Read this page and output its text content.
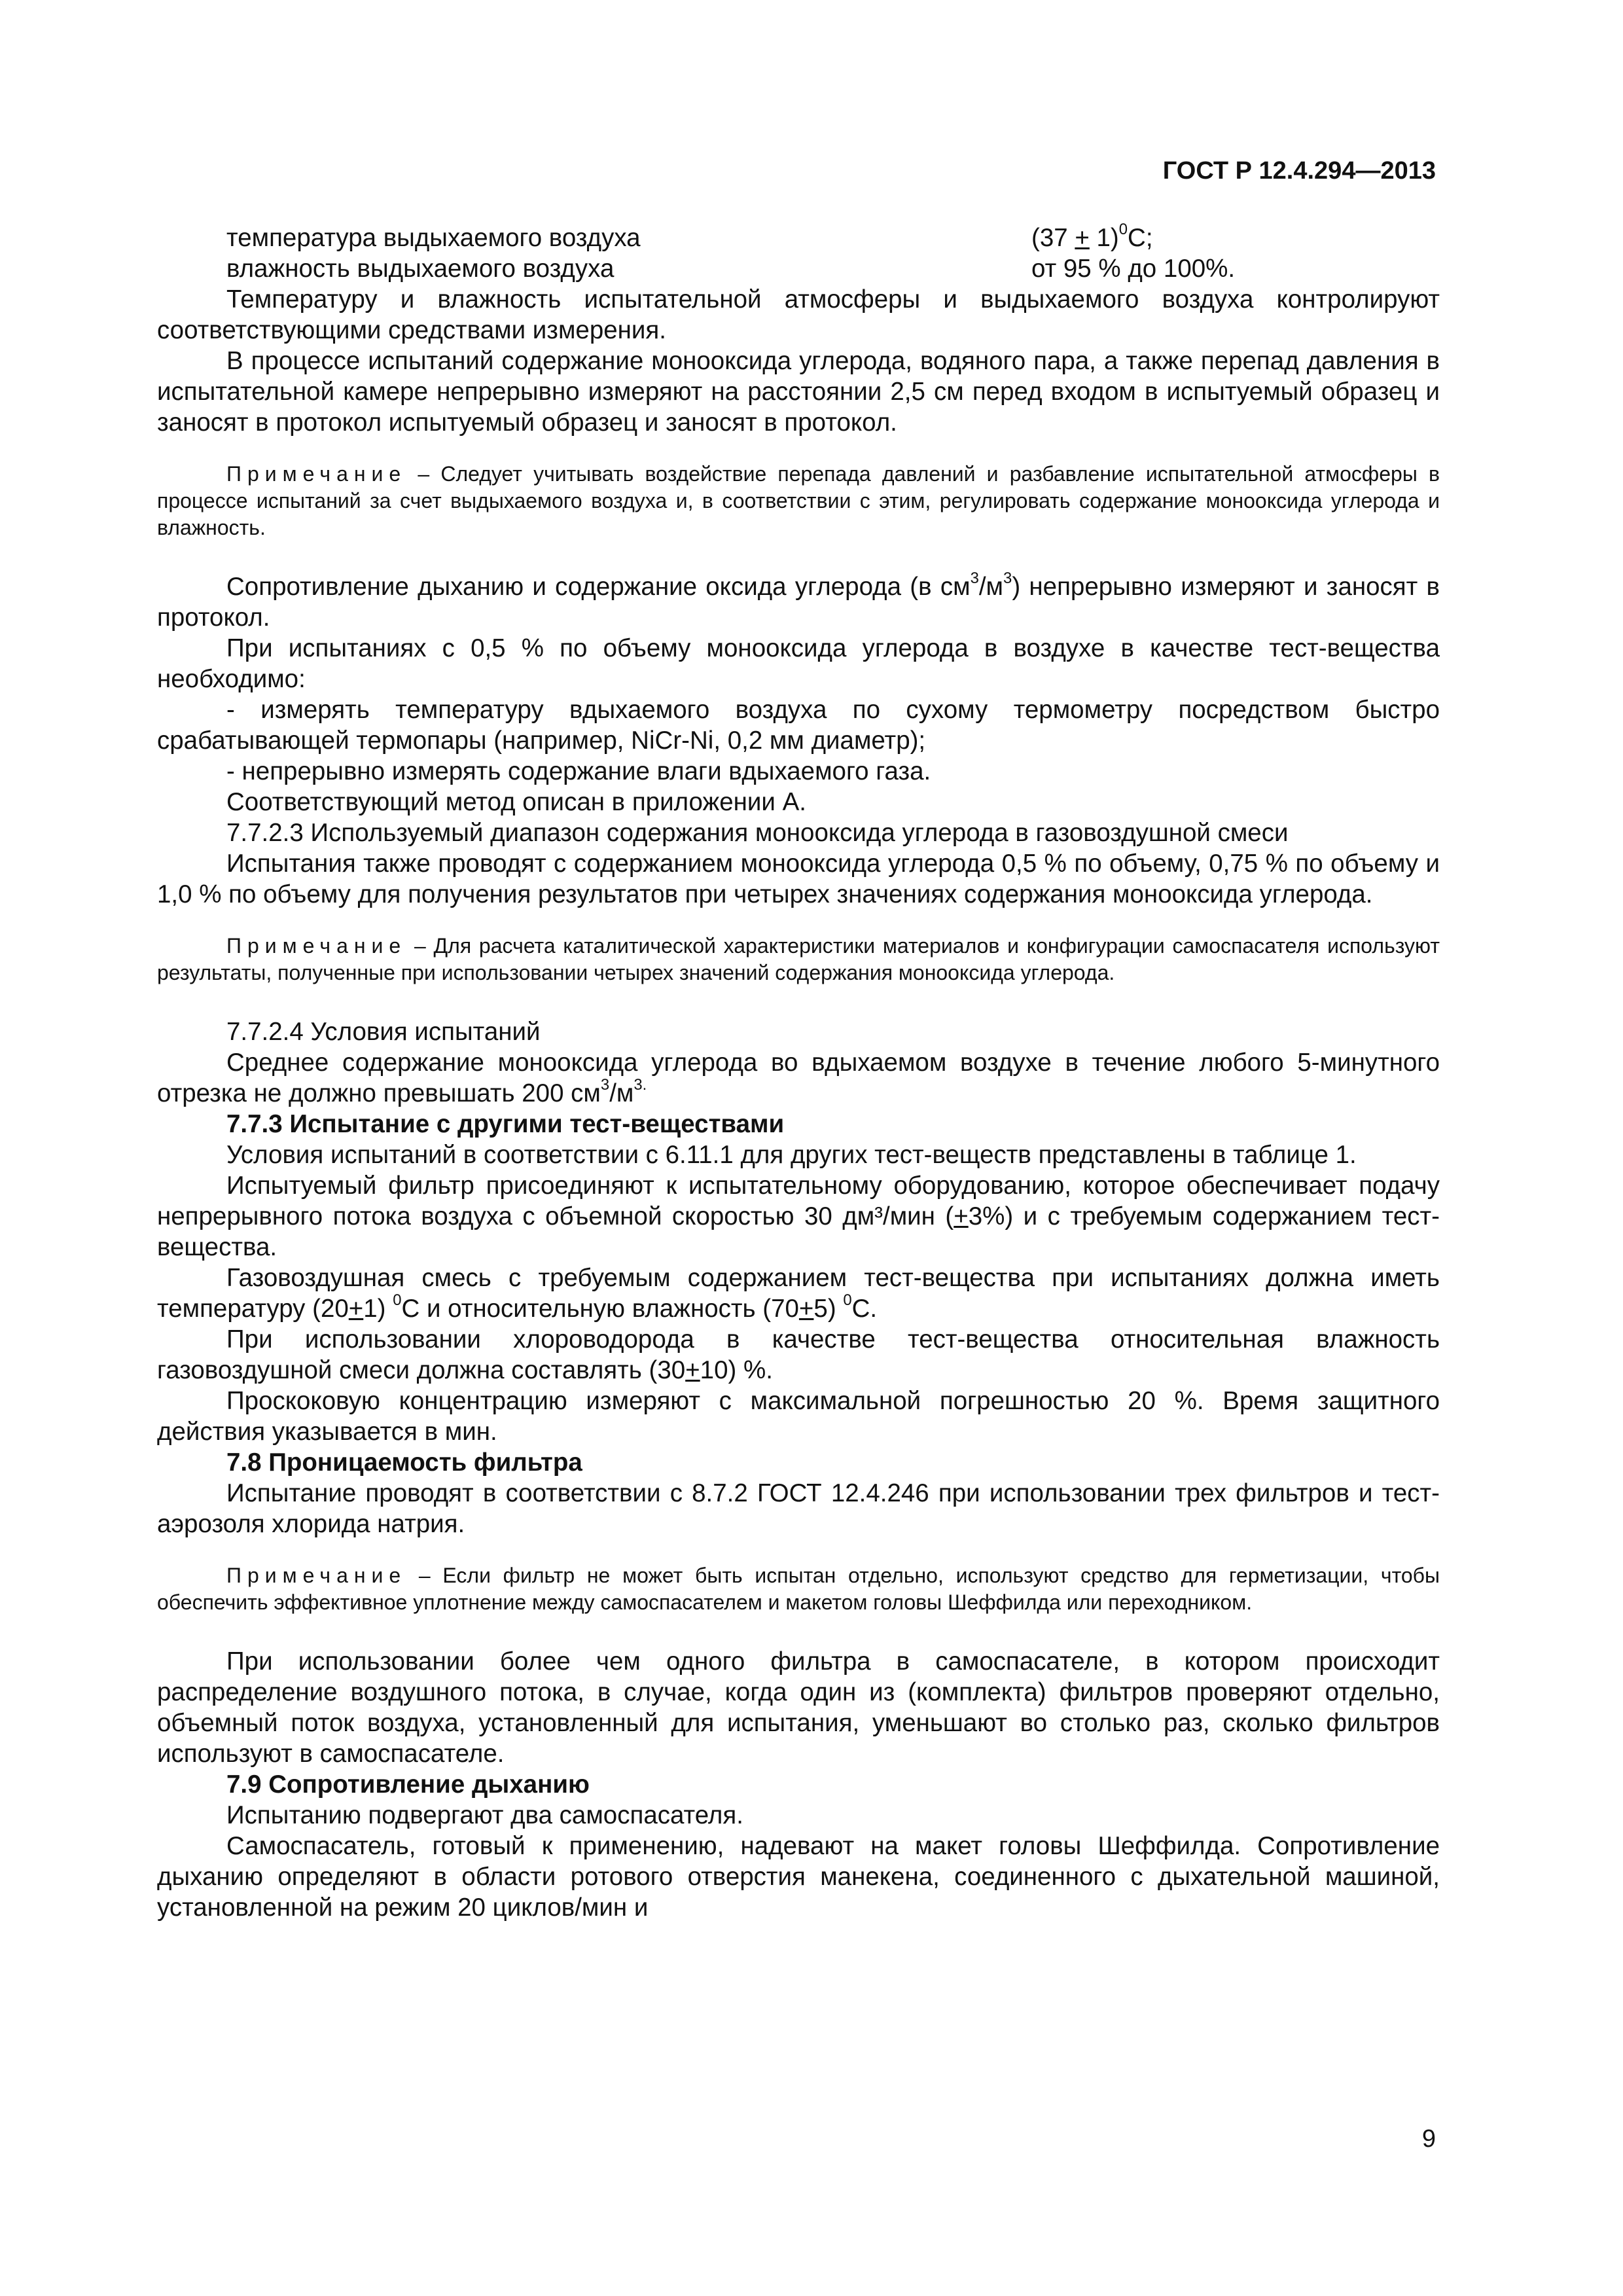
ГОСТ Р 12.4.294—2013
температура выдыхаемого воздуха	$(37 + 1)^0С$;
влажность выдыхаемого воздуха	от 95 % до 100%.

Температуру и влажность испытательной атмосферы и выдыхаемого воздуха контролируют соответствующими средствами измерения.

В процессе испытаний содержание монооксида углерода, водяного пара, а также перепад давления в испытательной камере непрерывно измеряют на расстоянии 2,5 см перед входом в испытуемый образец и заносят в протокол испытуемый образец и заносят в протокол.

Примечание – Следует учитывать воздействие перепада давлений и разбавление испытательной атмосферы в процессе испытаний за счет выдыхаемого воздуха и, в соответствии с этим, регулировать содержание монооксида углерода и влажность.

Сопротивление дыханию и содержание оксида углерода (в $см^3/м^3$) непрерывно измеряют и заносят в протокол.

При испытаниях с 0,5 % по объему монооксида углерода в воздухе в качестве тест-вещества необходимо:

- измерять температуру вдыхаемого воздуха по сухому термометру посредством быстро срабатывающей термопары (например, NiCr-Ni, 0,2 мм диаметр);

- непрерывно измерять содержание влаги вдыхаемого газа.

Соответствующий метод описан в приложении А.

7.7.2.3 Используемый диапазон содержания монооксида углерода в газовоздушной смеси

Испытания также проводят с содержанием монооксида углерода 0,5 % по объему, 0,75 % по объему и 1,0 % по объему для получения результатов при четырех значениях содержания монооксида углерода.

Примечание – Для расчета каталитической характеристики материалов и конфигурации самоспасателя используют результаты, полученные при использовании четырех значений содержания монооксида углерода.

7.7.2.4 Условия испытаний

Среднее содержание монооксида углерода во вдыхаемом воздухе в течение любого 5-минутного отрезка не должно превышать 200 $см^3/м^{3.}$

7.7.3 Испытание с другими тест-веществами

Условия испытаний в соответствии с 6.11.1 для других тест-веществ представлены в таблице 1.

Испытуемый фильтр присоединяют к испытательному оборудованию, которое обеспечивает подачу непрерывного потока воздуха с объемной скоростью 30 дм³/мин (+3%) и с требуемым содержанием тест-вещества.

Газовоздушная смесь с требуемым содержанием тест-вещества при испытаниях должна иметь температуру (20+1) $^0$С и относительную влажность (70+5) $^0$С.

При использовании хлороводорода в качестве тест-вещества относительная влажность газовоздушной смеси должна составлять (30+10) %.

Проскоковую концентрацию измеряют с максимальной погрешностью 20 %. Время защитного действия указывается в мин.

7.8 Проницаемость фильтра

Испытание проводят в соответствии с 8.7.2 ГОСТ 12.4.246 при использовании трех фильтров и тест-аэрозоля хлорида натрия.

Примечание – Если фильтр не может быть испытан отдельно, используют средство для герметизации, чтобы обеспечить эффективное уплотнение между самоспасателем и макетом головы Шеффилда или переходником.

При использовании более чем одного фильтра в самоспасателе, в котором происходит распределение воздушного потока, в случае, когда один из (комплекта) фильтров проверяют отдельно, объемный поток воздуха, установленный для испытания, уменьшают во столько раз, сколько фильтров используют в самоспасателе.

7.9 Сопротивление дыханию

Испытанию подвергают два самоспасателя.

Самоспасатель, готовый к применению, надевают на макет головы Шеффилда. Сопротивление дыханию определяют в области ротового отверстия манекена, соединенного с дыхательной машиной, установленной на режим 20 циклов/мин и

9
